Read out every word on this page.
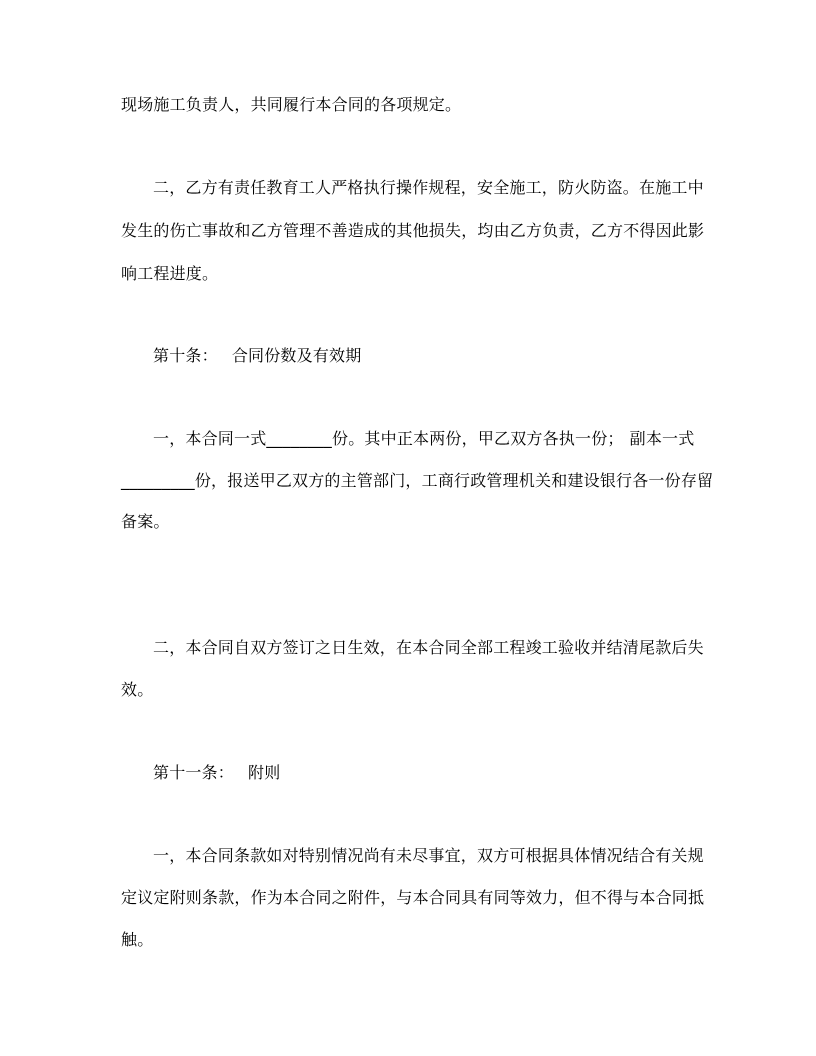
现场施工负责人，共同履行本合同的各项规定。
二，乙方有责任教育工人严格执行操作规程，安全施工，防火防盗。在施工中
发生的伤亡事故和乙方管理不善造成的其他损失，均由乙方负责，乙方不得因此影
响工程进度。
第十条： 合同份数及有效期
一，本合同一式________份。其中正本两份，甲乙双方各执一份； 副本一式
_________份，报送甲乙双方的主管部门，工商行政管理机关和建设银行各一份存留
备案。
二，本合同自双方签订之日生效，在本合同全部工程竣工验收并结清尾款后失
效。
第十一条： 附则
一，本合同条款如对特别情况尚有未尽事宜，双方可根据具体情况结合有关规
定议定附则条款，作为本合同之附件，与本合同具有同等效力，但不得与本合同抵
触。
